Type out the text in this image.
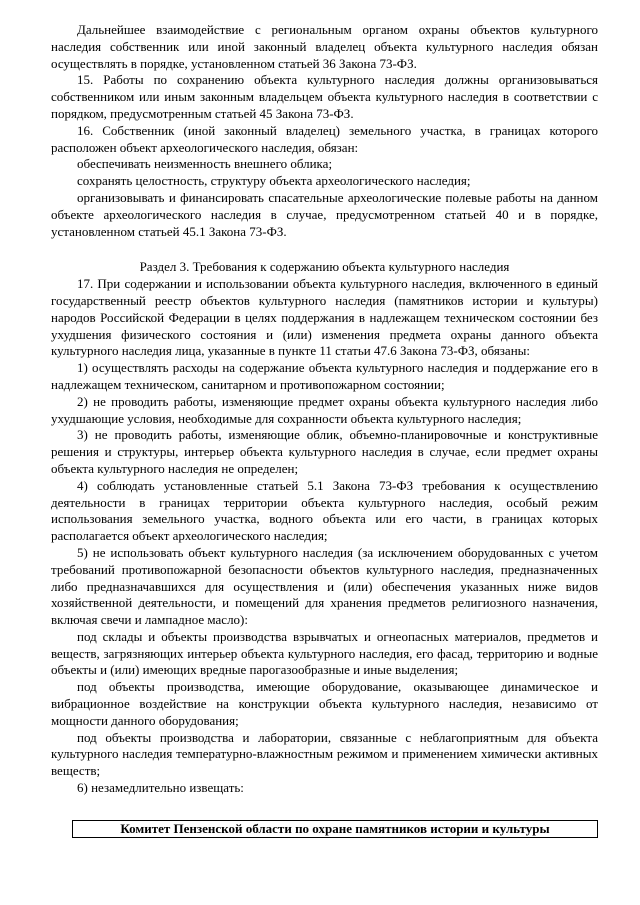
Дальнейшее взаимодействие с региональным органом охраны объектов культурного наследия собственник или иной законный владелец объекта культурного наследия обязан осуществлять в порядке, установленном статьей 36 Закона 73-ФЗ.

15. Работы по сохранению объекта культурного наследия должны организовываться собственником или иным законным владельцем объекта культурного наследия в соответствии с порядком, предусмотренным статьей 45 Закона 73-ФЗ.

16. Собственник (иной законный владелец) земельного участка, в границах которого расположен объект археологического наследия, обязан:

обеспечивать неизменность внешнего облика;

сохранять целостность, структуру объекта археологического наследия;

организовывать и финансировать спасательные археологические полевые работы на данном объекте археологического наследия в случае, предусмотренном статьей 40 и в порядке, установленном статьей 45.1 Закона 73-ФЗ.

Раздел 3. Требования к содержанию объекта культурного наследия

17. При содержании и использовании объекта культурного наследия, включенного в единый государственный реестр объектов культурного наследия (памятников истории и культуры) народов Российской Федерации в целях поддержания в надлежащем техническом состоянии без ухудшения физического состояния и (или) изменения предмета охраны данного объекта культурного наследия лица, указанные в пункте 11 статьи 47.6 Закона 73-ФЗ, обязаны:

1) осуществлять расходы на содержание объекта культурного наследия и поддержание его в надлежащем техническом, санитарном и противопожарном состоянии;

2) не проводить работы, изменяющие предмет охраны объекта культурного наследия либо ухудшающие условия, необходимые для сохранности объекта культурного наследия;

3) не проводить работы, изменяющие облик, объемно-планировочные и конструктивные решения и структуры, интерьер объекта культурного наследия в случае, если предмет охраны объекта культурного наследия не определен;

4) соблюдать установленные статьей 5.1 Закона 73-ФЗ требования к осуществлению деятельности в границах территории объекта культурного наследия, особый режим использования земельного участка, водного объекта или его части, в границах которых располагается объект археологического наследия;

5) не использовать объект культурного наследия (за исключением оборудованных с учетом требований противопожарной безопасности объектов культурного наследия, предназначенных либо предназначавшихся для осуществления и (или) обеспечения указанных ниже видов хозяйственной деятельности, и помещений для хранения предметов религиозного назначения, включая свечи и лампадное масло):

под склады и объекты производства взрывчатых и огнеопасных материалов, предметов и веществ, загрязняющих интерьер объекта культурного наследия, его фасад, территорию и водные объекты и (или) имеющих вредные парогазообразные и иные выделения;

под объекты производства, имеющие оборудование, оказывающее динамическое и вибрационное воздействие на конструкции объекта культурного наследия, независимо от мощности данного оборудования;

под объекты производства и лаборатории, связанные с неблагоприятным для объекта культурного наследия температурно-влажностным режимом и применением химически активных веществ;

6) незамедлительно извещать:

Комитет Пензенской области по охране памятников истории и культуры
